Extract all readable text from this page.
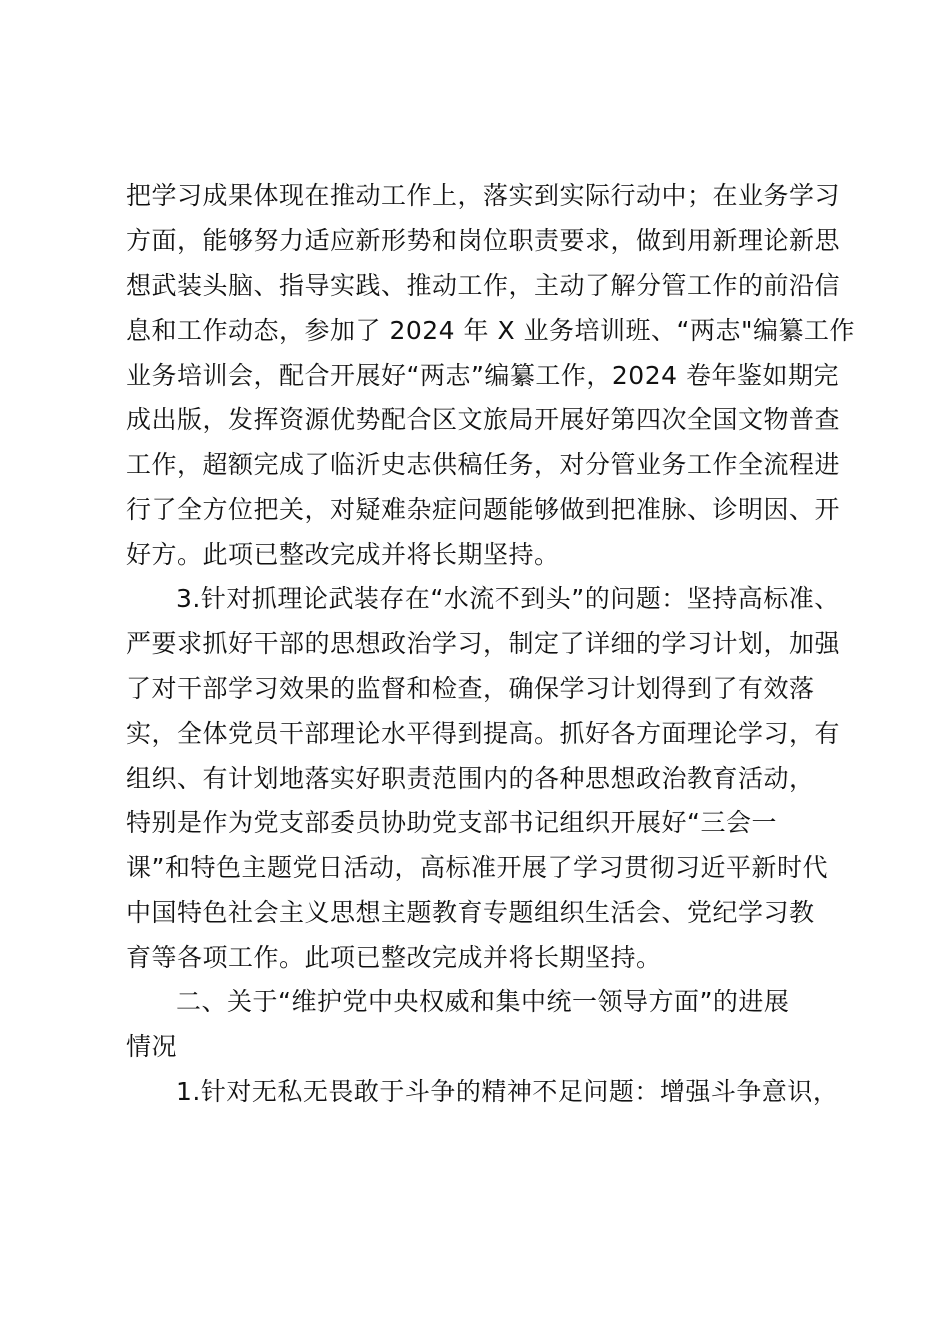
把学习成果体现在推动工作上，落实到实际行动中；在业务学习
方面，能够努力适应新形势和岗位职责要求，做到用新理论新思
想武装头脑、指导实践、推动工作，主动了解分管工作的前沿信
息和工作动态，参加了 2024 年 X 业务培训班、“两志"编纂工作
业务培训会，配合开展好“两志”编纂工作，2024 卷年鉴如期完
成出版，发挥资源优势配合区文旅局开展好第四次全国文物普查
工作，超额完成了临沂史志供稿任务，对分管业务工作全流程进
行了全方位把关，对疑难杂症问题能够做到把准脉、诊明因、开
好方。此项已整改完成并将长期坚持。
3.针对抓理论武装存在“水流不到头”的问题：坚持高标准、
严要求抓好干部的思想政治学习，制定了详细的学习计划，加强
了对干部学习效果的监督和检查，确保学习计划得到了有效落
实，全体党员干部理论水平得到提高。抓好各方面理论学习，有
组织、有计划地落实好职责范围内的各种思想政治教育活动，
特别是作为党支部委员协助党支部书记组织开展好“三会一
课”和特色主题党日活动，高标准开展了学习贯彻习近平新时代
中国特色社会主义思想主题教育专题组织生活会、党纪学习教
育等各项工作。此项已整改完成并将长期坚持。
二、关于“维护党中央权威和集中统一领导方面”的进展
情况
1.针对无私无畏敢于斗争的精神不足问题：增强斗争意识，
